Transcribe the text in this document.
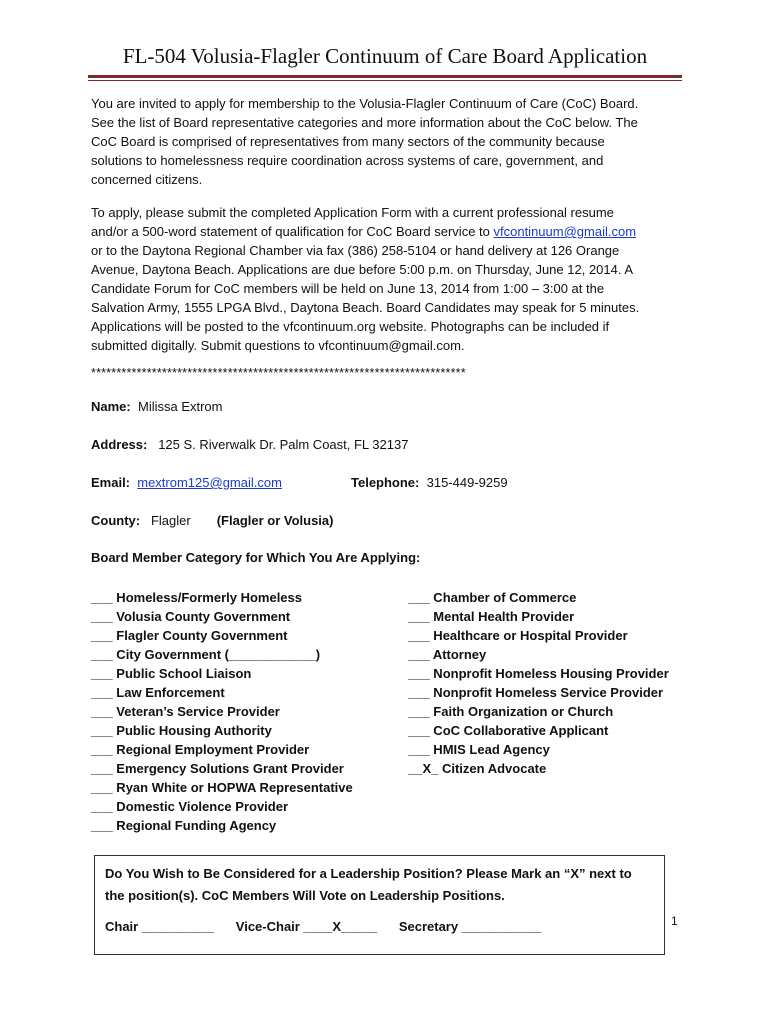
FL-504 Volusia-Flagler Continuum of Care Board Application
You are invited to apply for membership to the Volusia-Flagler Continuum of Care (CoC) Board.
See the list of Board representative categories and more information about the CoC below. The
CoC Board is comprised of representatives from many sectors of the community because
solutions to homelessness require coordination across systems of care, government, and
concerned citizens.
To apply, please submit the completed Application Form with a current professional resume
and/or a 500-word statement of qualification for CoC Board service to vfcontinuum@gmail.com
or to the Daytona Regional Chamber via fax (386) 258-5104 or hand delivery at 126 Orange
Avenue, Daytona Beach. Applications are due before 5:00 p.m. on Thursday, June 12, 2014. A
Candidate Forum for CoC members will be held on June 13, 2014 from 1:00 – 3:00 at the
Salvation Army, 1555 LPGA Blvd., Daytona Beach. Board Candidates may speak for 5 minutes.
Applications will be posted to the vfcontinuum.org website. Photographs can be included if
submitted digitally. Submit questions to vfcontinuum@gmail.com.
**************************************************************************
Name: Milissa Extrom
Address: 125 S. Riverwalk Dr. Palm Coast, FL 32137
Email: mextrom125@gmail.com	Telephone: 315-449-9259
County: Flagler (Flagler or Volusia)
Board Member Category for Which You Are Applying:
___ Homeless/Formerly Homeless
___ Volusia County Government
___ Flagler County Government
___ City Government (____________)
___ Public School Liaison
___ Law Enforcement
___ Veteran’s Service Provider
___ Public Housing Authority
___ Regional Employment Provider
___ Emergency Solutions Grant Provider
___ Ryan White or HOPWA Representative
___ Domestic Violence Provider
___ Regional Funding Agency
___ Chamber of Commerce
___ Mental Health Provider
___ Healthcare or Hospital Provider
___ Attorney
___ Nonprofit Homeless Housing Provider
___ Nonprofit Homeless Service Provider
___ Faith Organization or Church
___ CoC Collaborative Applicant
___ HMIS Lead Agency
__X_ Citizen Advocate
Do You Wish to Be Considered for a Leadership Position? Please Mark an “X” next to
the position(s). CoC Members Will Vote on Leadership Positions.
Chair __________ Vice-Chair ____X_____ Secretary ___________	1
